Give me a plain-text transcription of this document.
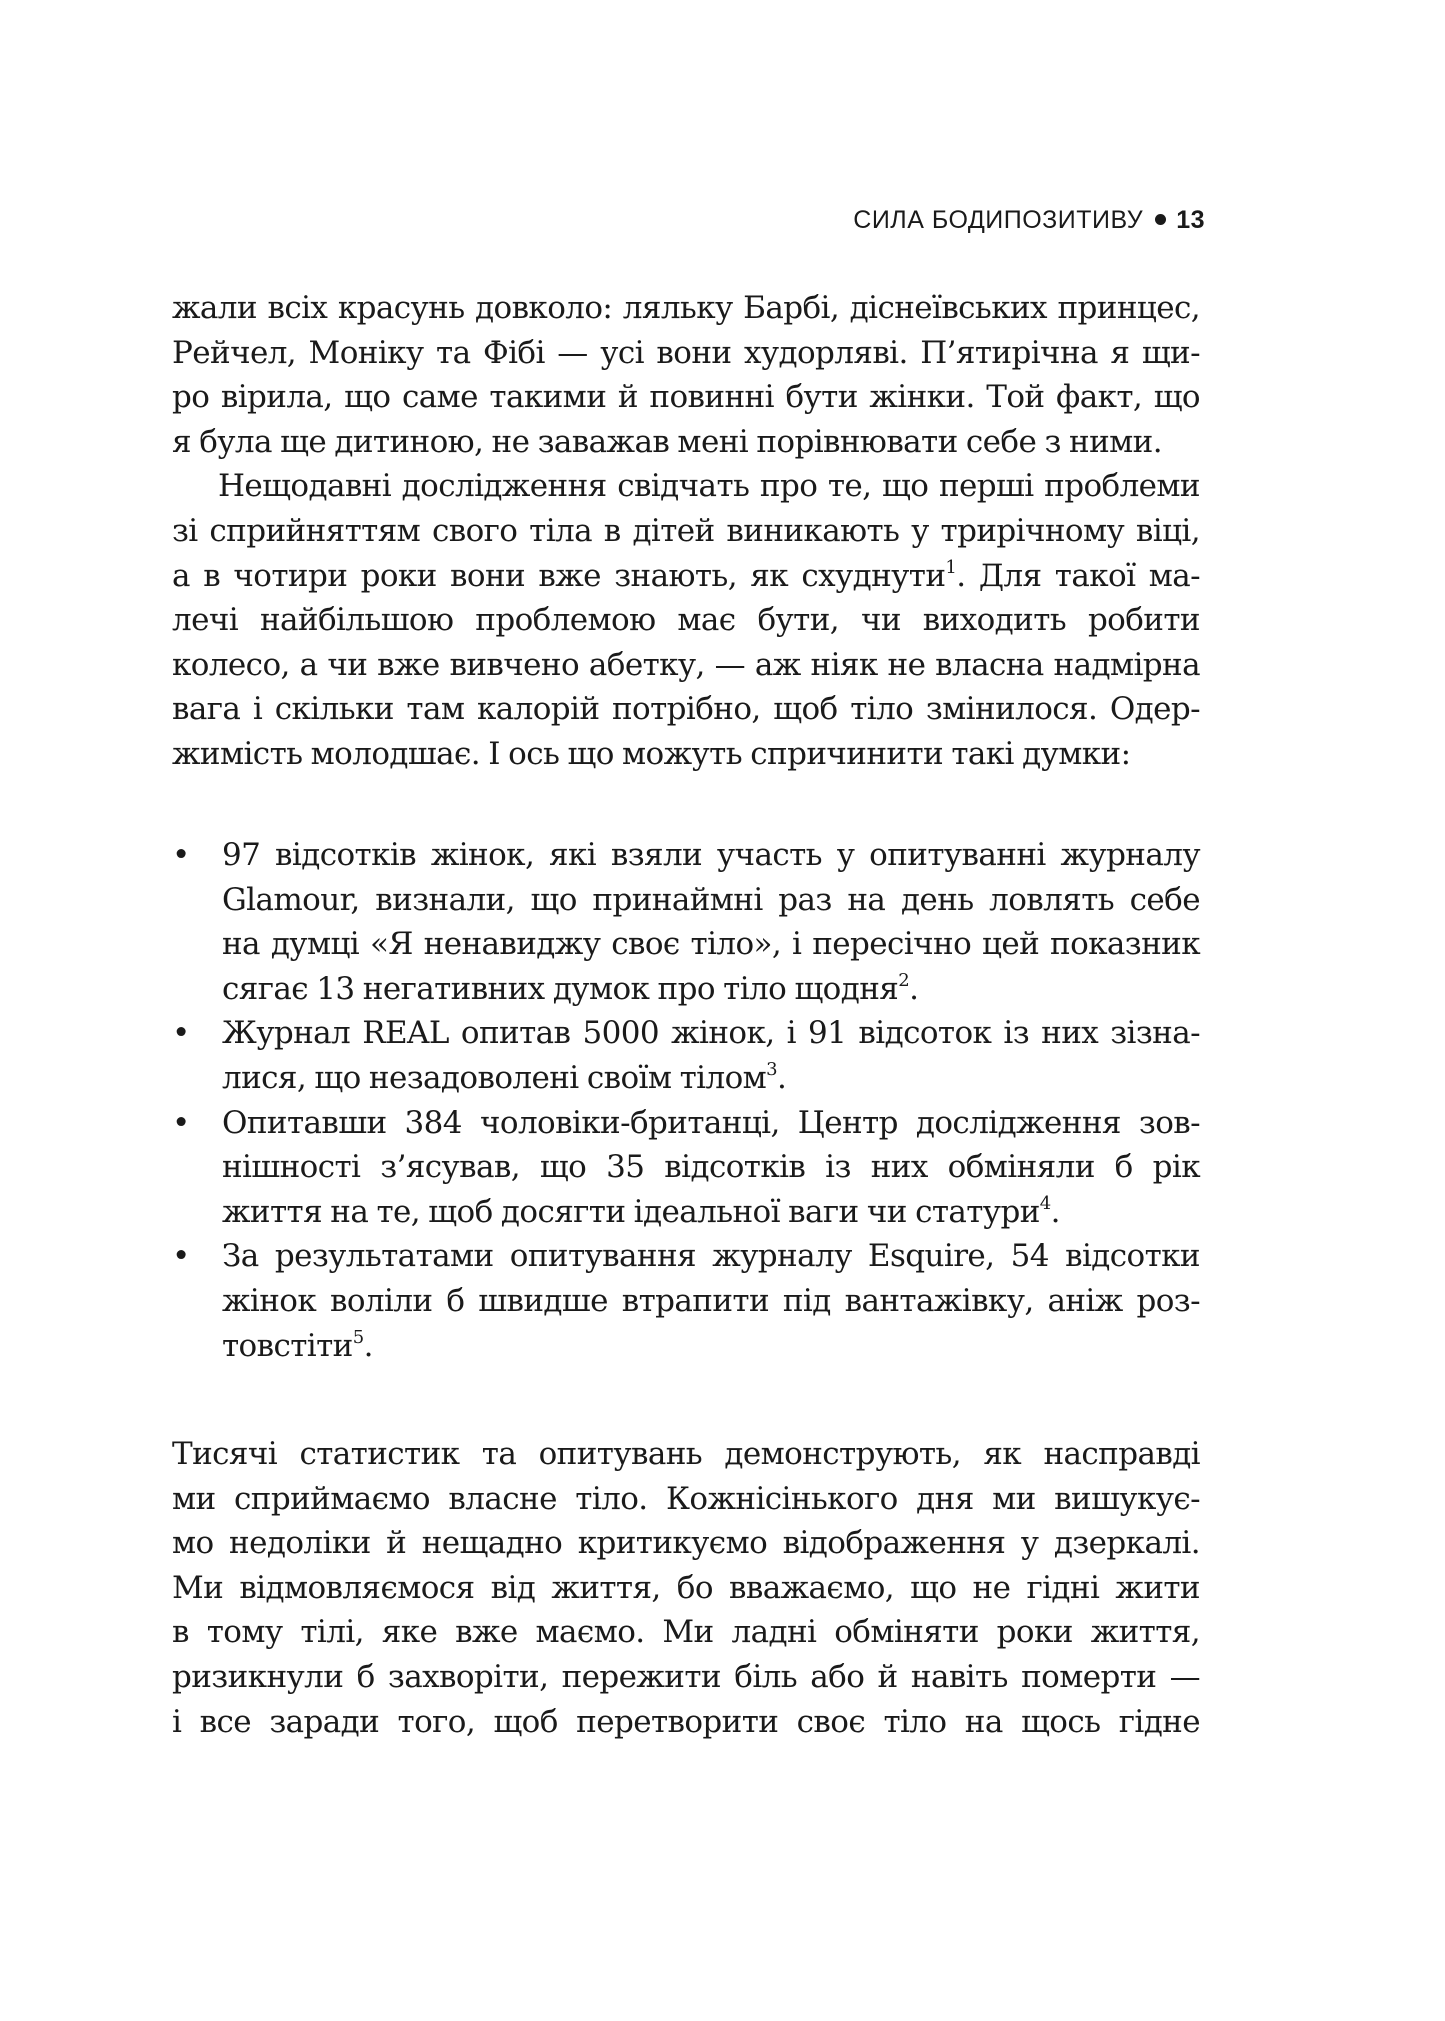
СИЛА БОДИПОЗИТИВУ 13
жали всіх красунь довколо: ляльку Барбі, діснеївських принцес,
Рейчел, Моніку та Фібі — усі вони худорляві. П’ятирічна я щи-
ро вірила, що саме такими й повинні бути жінки. Той факт, що
я була ще дитиною, не заважав мені порівнювати себе з ними.
Нещодавні дослідження свідчать про те, що перші проблеми
зі сприйняттям свого тіла в дітей виникають у трирічному віці,
а в чотири роки вони вже знають, як схуднути$^1$. Для такої ма-
лечі найбільшою проблемою має бути, чи виходить робити
колесо, а чи вже вивчено абетку, — аж ніяк не власна надмірна
вага і скільки там калорій потрібно, щоб тіло змінилося. Одер-
жимість молодшає. І ось що можуть спричинити такі думки:
•	97 відсотків жінок, які взяли участь у опитуванні журналу
Glamour, визнали, що принаймні раз на день ловлять себе
на думці «Я ненавиджу своє тіло», і пересічно цей показник
сягає 13 негативних думок про тіло щодня$^2$.
•	Журнал REAL опитав 5000 жінок, і 91 відсоток із них зізна-
лися, що незадоволені своїм тілом$^3$.
•	Опитавши 384 чоловіки-британці, Центр дослідження зов-
нішності з’ясував, що 35 відсотків із них обміняли б рік
життя на те, щоб досягти ідеальної ваги чи статури$^4$.
•	За результатами опитування журналу Esquire, 54 відсотки
жінок воліли б швидше втрапити під вантажівку, аніж роз-
товстіти$^5$.
Тисячі статистик та опитувань демонструють, як насправді
ми сприймаємо власне тіло. Кожнісінького дня ми вишукує-
мо недоліки й нещадно критикуємо відображення у дзеркалі.
Ми відмовляємося від життя, бо вважаємо, що не гідні жити
в тому тілі, яке вже маємо. Ми ладні обміняти роки життя,
ризикнули б захворіти, пережити біль або й навіть померти —
і все заради того, щоб перетворити своє тіло на щось гідне
